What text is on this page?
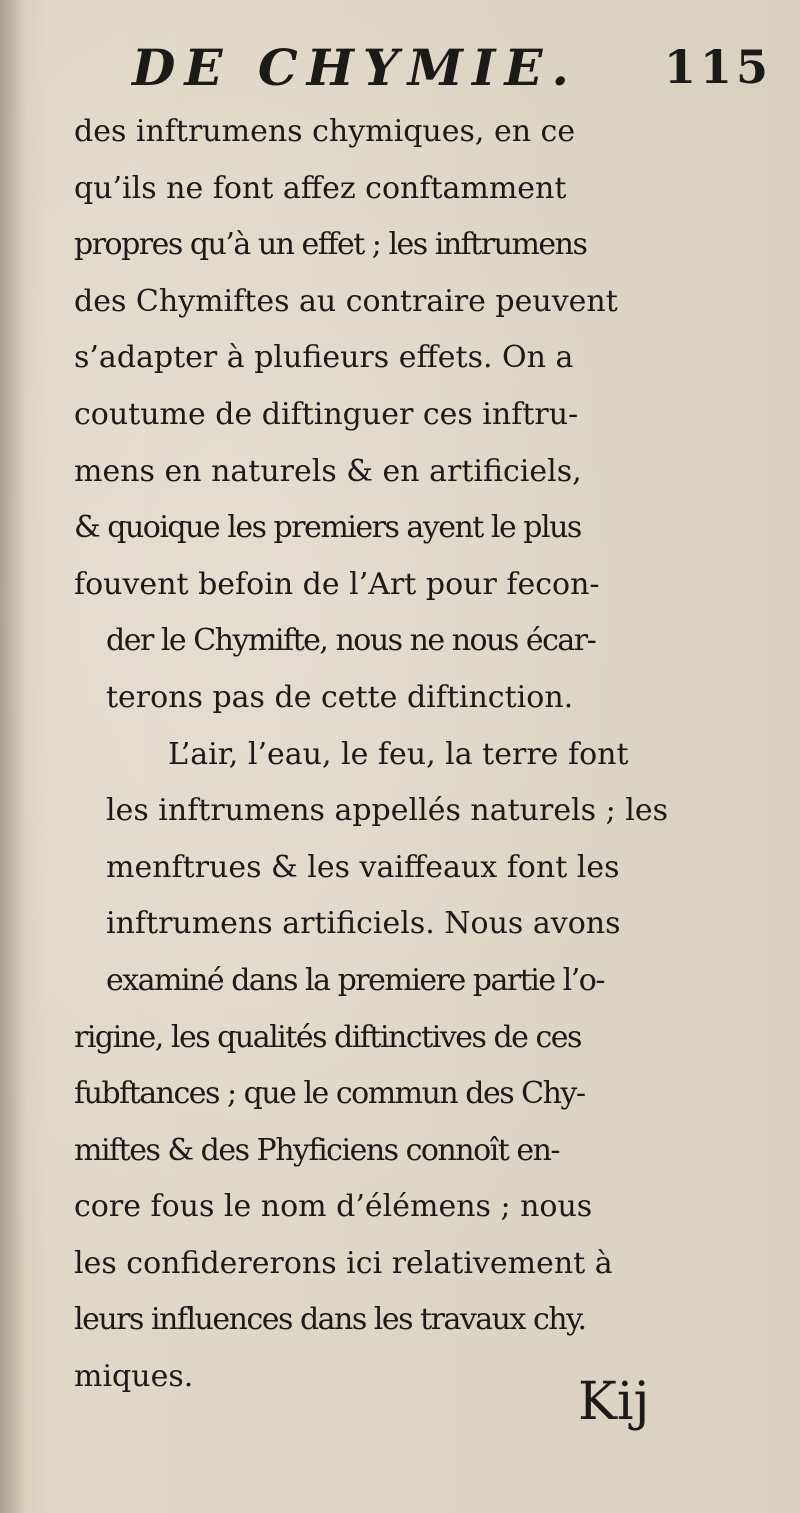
DE CHYMIE. 115
des inftrumens chymiques, en ce
qu’ils ne font affez conftamment
propres qu’à un effet ; les inftrumens
des Chymiftes au contraire peuvent
s’adapter à plufieurs effets. On a
coutume de diftinguer ces inftru-
mens en naturels & en artificiels,
& quoique les premiers ayent le plus
fouvent befoin de l’Art pour fecon-
der le Chymifte, nous ne nous écar-
terons pas de cette diftinction.
L’air, l’eau, le feu, la terre font
les inftrumens appellés naturels ; les
menftrues & les vaiffeaux font les
inftrumens artificiels. Nous avons
examiné dans la premiere partie l’o-
rigine, les qualités diftinctives de ces
fubftances ; que le commun des Chy-
miftes & des Phyficiens connoît en-
core fous le nom d’élémens ; nous
les confidererons ici relativement à
leurs influences dans les travaux chy.
miques.	Kij
